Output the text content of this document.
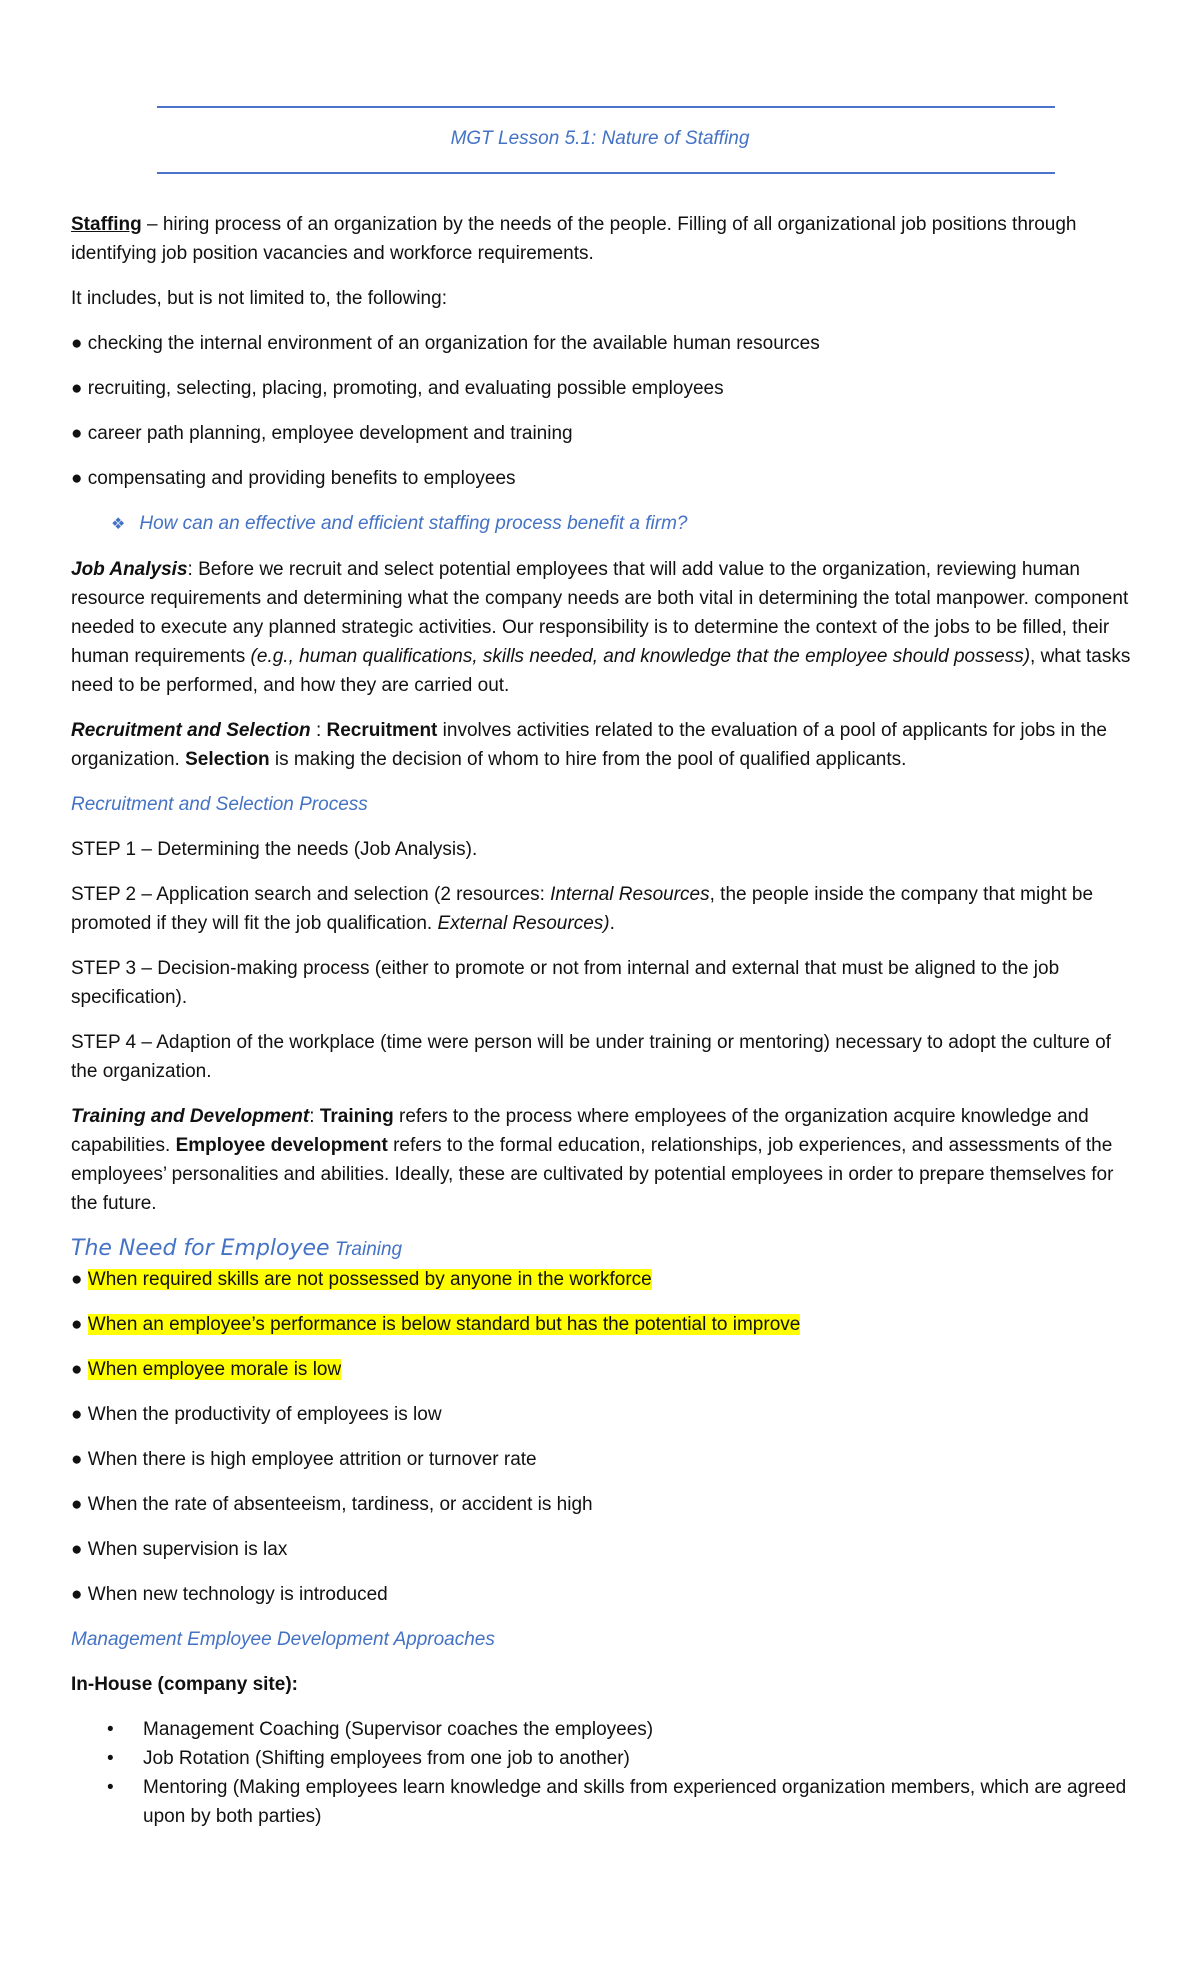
MGT Lesson 5.1: Nature of Staffing

Staffing – hiring process of an organization by the needs of the people. Filling of all organizational job positions through identifying job position vacancies and workforce requirements.

It includes, but is not limited to, the following:

● checking the internal environment of an organization for the available human resources

● recruiting, selecting, placing, promoting, and evaluating possible employees

● career path planning, employee development and training

● compensating and providing benefits to employees

❖ How can an effective and efficient staffing process benefit a firm?

Job Analysis: Before we recruit and select potential employees that will add value to the organization, reviewing human resource requirements and determining what the company needs are both vital in determining the total manpower. component needed to execute any planned strategic activities. Our responsibility is to determine the context of the jobs to be filled, their human requirements (e.g., human qualifications, skills needed, and knowledge that the employee should possess), what tasks need to be performed, and how they are carried out.

Recruitment and Selection : Recruitment involves activities related to the evaluation of a pool of applicants for jobs in the organization. Selection is making the decision of whom to hire from the pool of qualified applicants.

Recruitment and Selection Process

STEP 1 – Determining the needs (Job Analysis).

STEP 2 – Application search and selection (2 resources: Internal Resources, the people inside the company that might be promoted if they will fit the job qualification. External Resources).

STEP 3 – Decision-making process (either to promote or not from internal and external that must be aligned to the job specification).

STEP 4 – Adaption of the workplace (time were person will be under training or mentoring) necessary to adopt the culture of the organization.

Training and Development: Training refers to the process where employees of the organization acquire knowledge and capabilities. Employee development refers to the formal education, relationships, job experiences, and assessments of the employees’ personalities and abilities. Ideally, these are cultivated by potential employees in order to prepare themselves for the future.

The Need for Employee Training

● When required skills are not possessed by anyone in the workforce

● When an employee’s performance is below standard but has the potential to improve

● When employee morale is low

● When the productivity of employees is low

● When there is high employee attrition or turnover rate

● When the rate of absenteeism, tardiness, or accident is high

● When supervision is lax

● When new technology is introduced

Management Employee Development Approaches

In-House (company site):

• Management Coaching (Supervisor coaches the employees)
• Job Rotation (Shifting employees from one job to another)
• Mentoring (Making employees learn knowledge and skills from experienced organization members, which are agreed upon by both parties)
